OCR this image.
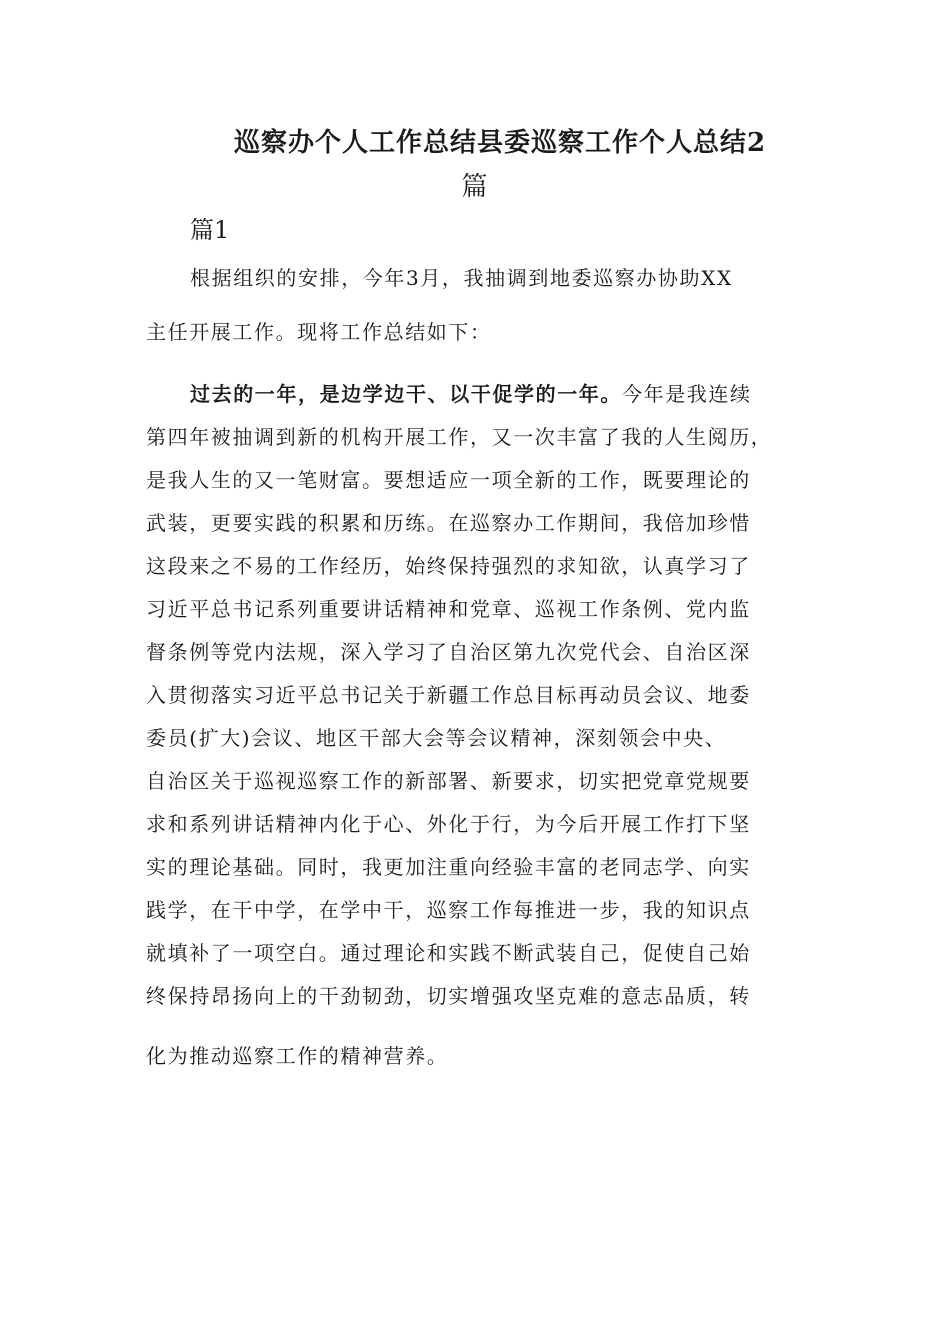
巡察办个人工作总结县委巡察工作个人总结2
篇
篇1
根据组织的安排，今年3月，我抽调到地委巡察办协助XX
主任开展工作。现将工作总结如下：
过去的一年，是边学边干、以干促学的一年。今年是我连续
第四年被抽调到新的机构开展工作，又一次丰富了我的人生阅历，
是我人生的又一笔财富。要想适应一项全新的工作，既要理论的
武装，更要实践的积累和历练。在巡察办工作期间，我倍加珍惜
这段来之不易的工作经历，始终保持强烈的求知欲，认真学习了
习近平总书记系列重要讲话精神和党章、巡视工作条例、党内监
督条例等党内法规，深入学习了自治区第九次党代会、自治区深
入贯彻落实习近平总书记关于新疆工作总目标再动员会议、地委
委员(扩大)会议、地区干部大会等会议精神，深刻领会中央、
自治区关于巡视巡察工作的新部署、新要求，切实把党章党规要
求和系列讲话精神内化于心、外化于行，为今后开展工作打下坚
实的理论基础。同时，我更加注重向经验丰富的老同志学、向实
践学，在干中学，在学中干，巡察工作每推进一步，我的知识点
就填补了一项空白。通过理论和实践不断武装自己，促使自己始
终保持昂扬向上的干劲韧劲，切实增强攻坚克难的意志品质，转
化为推动巡察工作的精神营养。
